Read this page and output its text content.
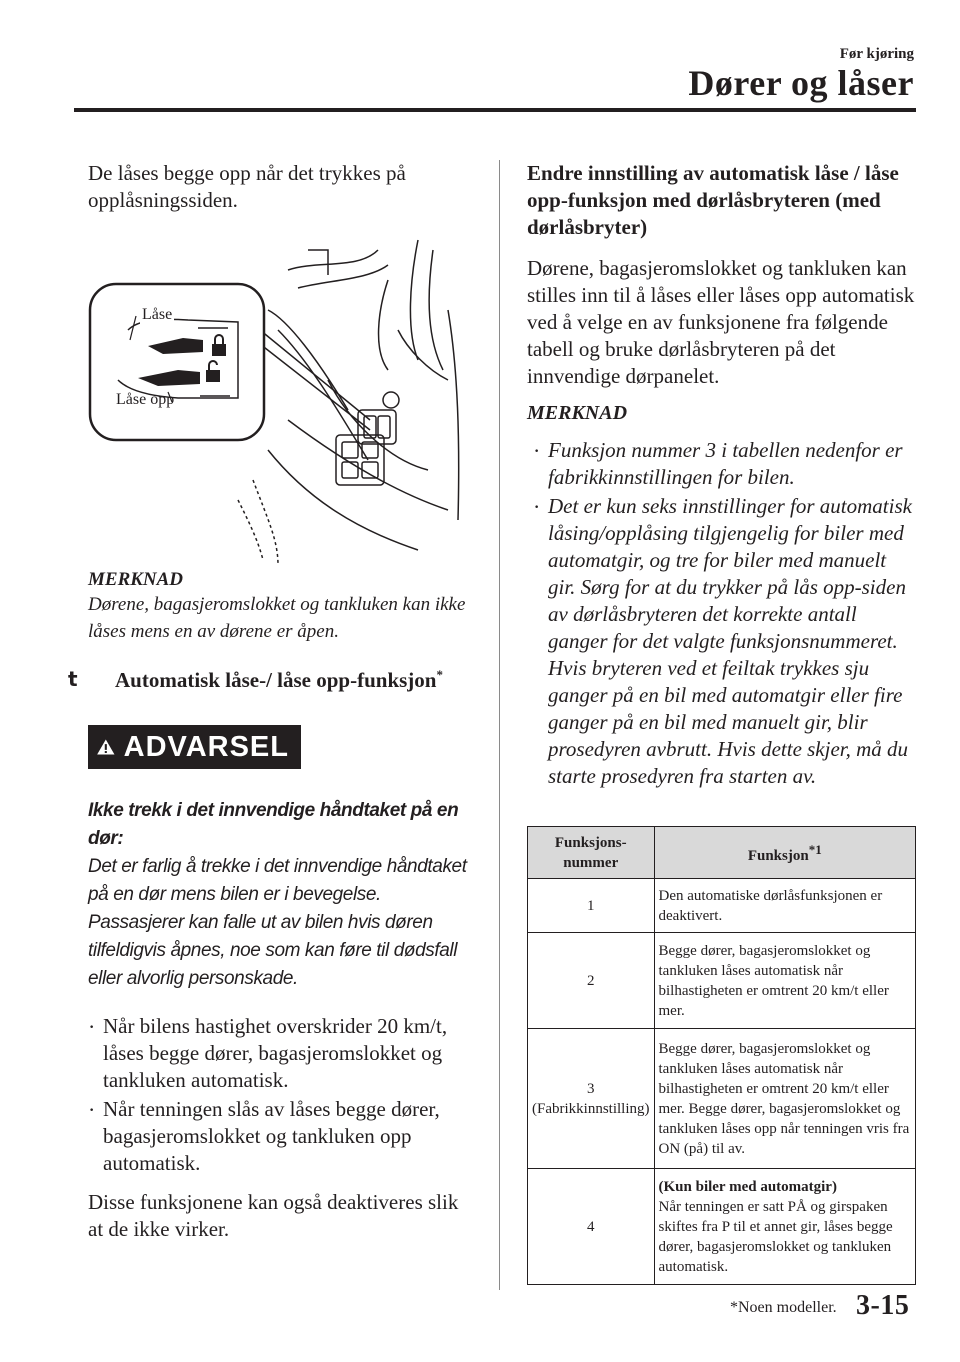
Før kjøring
Dører og låser

De låses begge opp når det trykkes på opplåsningssiden.

Låse
Låse opp
MERKNAD

Dørene, bagasjeromslokket og tankluken kan ikke låses mens en av dørene er åpen.

t Automatisk låse-/ låse opp-funksjon*
ADVARSEL
Ikke trekk i det innvendige håndtaket på en dør:
Det er farlig å trekke i det innvendige håndtaket på en dør mens bilen er i bevegelse. Passasjerer kan falle ut av bilen hvis døren tilfeldigvis åpnes, noe som kan føre til dødsfall eller alvorlig personskade.
· Når bilens hastighet overskrider 20 km/t, låses begge dører, bagasjeromslokket og tankluken automatisk.
· Når tenningen slås av låses begge dører, bagasjeromslokket og tankluken opp automatisk.

Disse funksjonene kan også deaktiveres slik at de ikke virker.

Endre innstilling av automatisk låse / låse opp-funksjon med dørlåsbryteren (med dørlåsbryter)

Dørene, bagasjeromslokket og tankluken kan stilles inn til å låses eller låses opp automatisk ved å velge en av funksjonene fra følgende tabell og bruke dørlåsbryteren på det innvendige dørpanelet.

MERKNAD
· Funksjon nummer 3 i tabellen nedenfor er fabrikkinnstillingen for bilen.
· Det er kun seks innstillinger for automatisk låsing/opplåsing tilgjengelig for biler med automatgir, og tre for biler med manuelt gir. Sørg for at du trykker på lås opp-siden av dørlåsbryteren det korrekte antall ganger for det valgte funksjonsnummeret. Hvis bryteren ved et feiltak trykkes sju ganger på en bil med automatgir eller fire ganger på en bil med manuelt gir, blir prosedyren avbrutt. Hvis dette skjer, må du starte prosedyren fra starten av.
Funksjons-nummer	Funksjon*1
1	Den automatiske dørlåsfunksjonen er deaktivert.
2	Begge dører, bagasjeromslokket og tankluken låses automatisk når bilhastigheten er omtrent 20 km/t eller mer.
3 (Fabrikkinnstilling)	Begge dører, bagasjeromslokket og tankluken låses automatisk når bilhastigheten er omtrent 20 km/t eller mer. Begge dører, bagasjeromslokket og tankluken låses opp når tenningen vris fra ON (på) til av.
4	(Kun biler med automatgir)
Når tenningen er satt PÅ og girspaken skiftes fra P til et annet gir, låses begge dører, bagasjeromslokket og tankluken automatisk.
*Noen modeller. 3-15
